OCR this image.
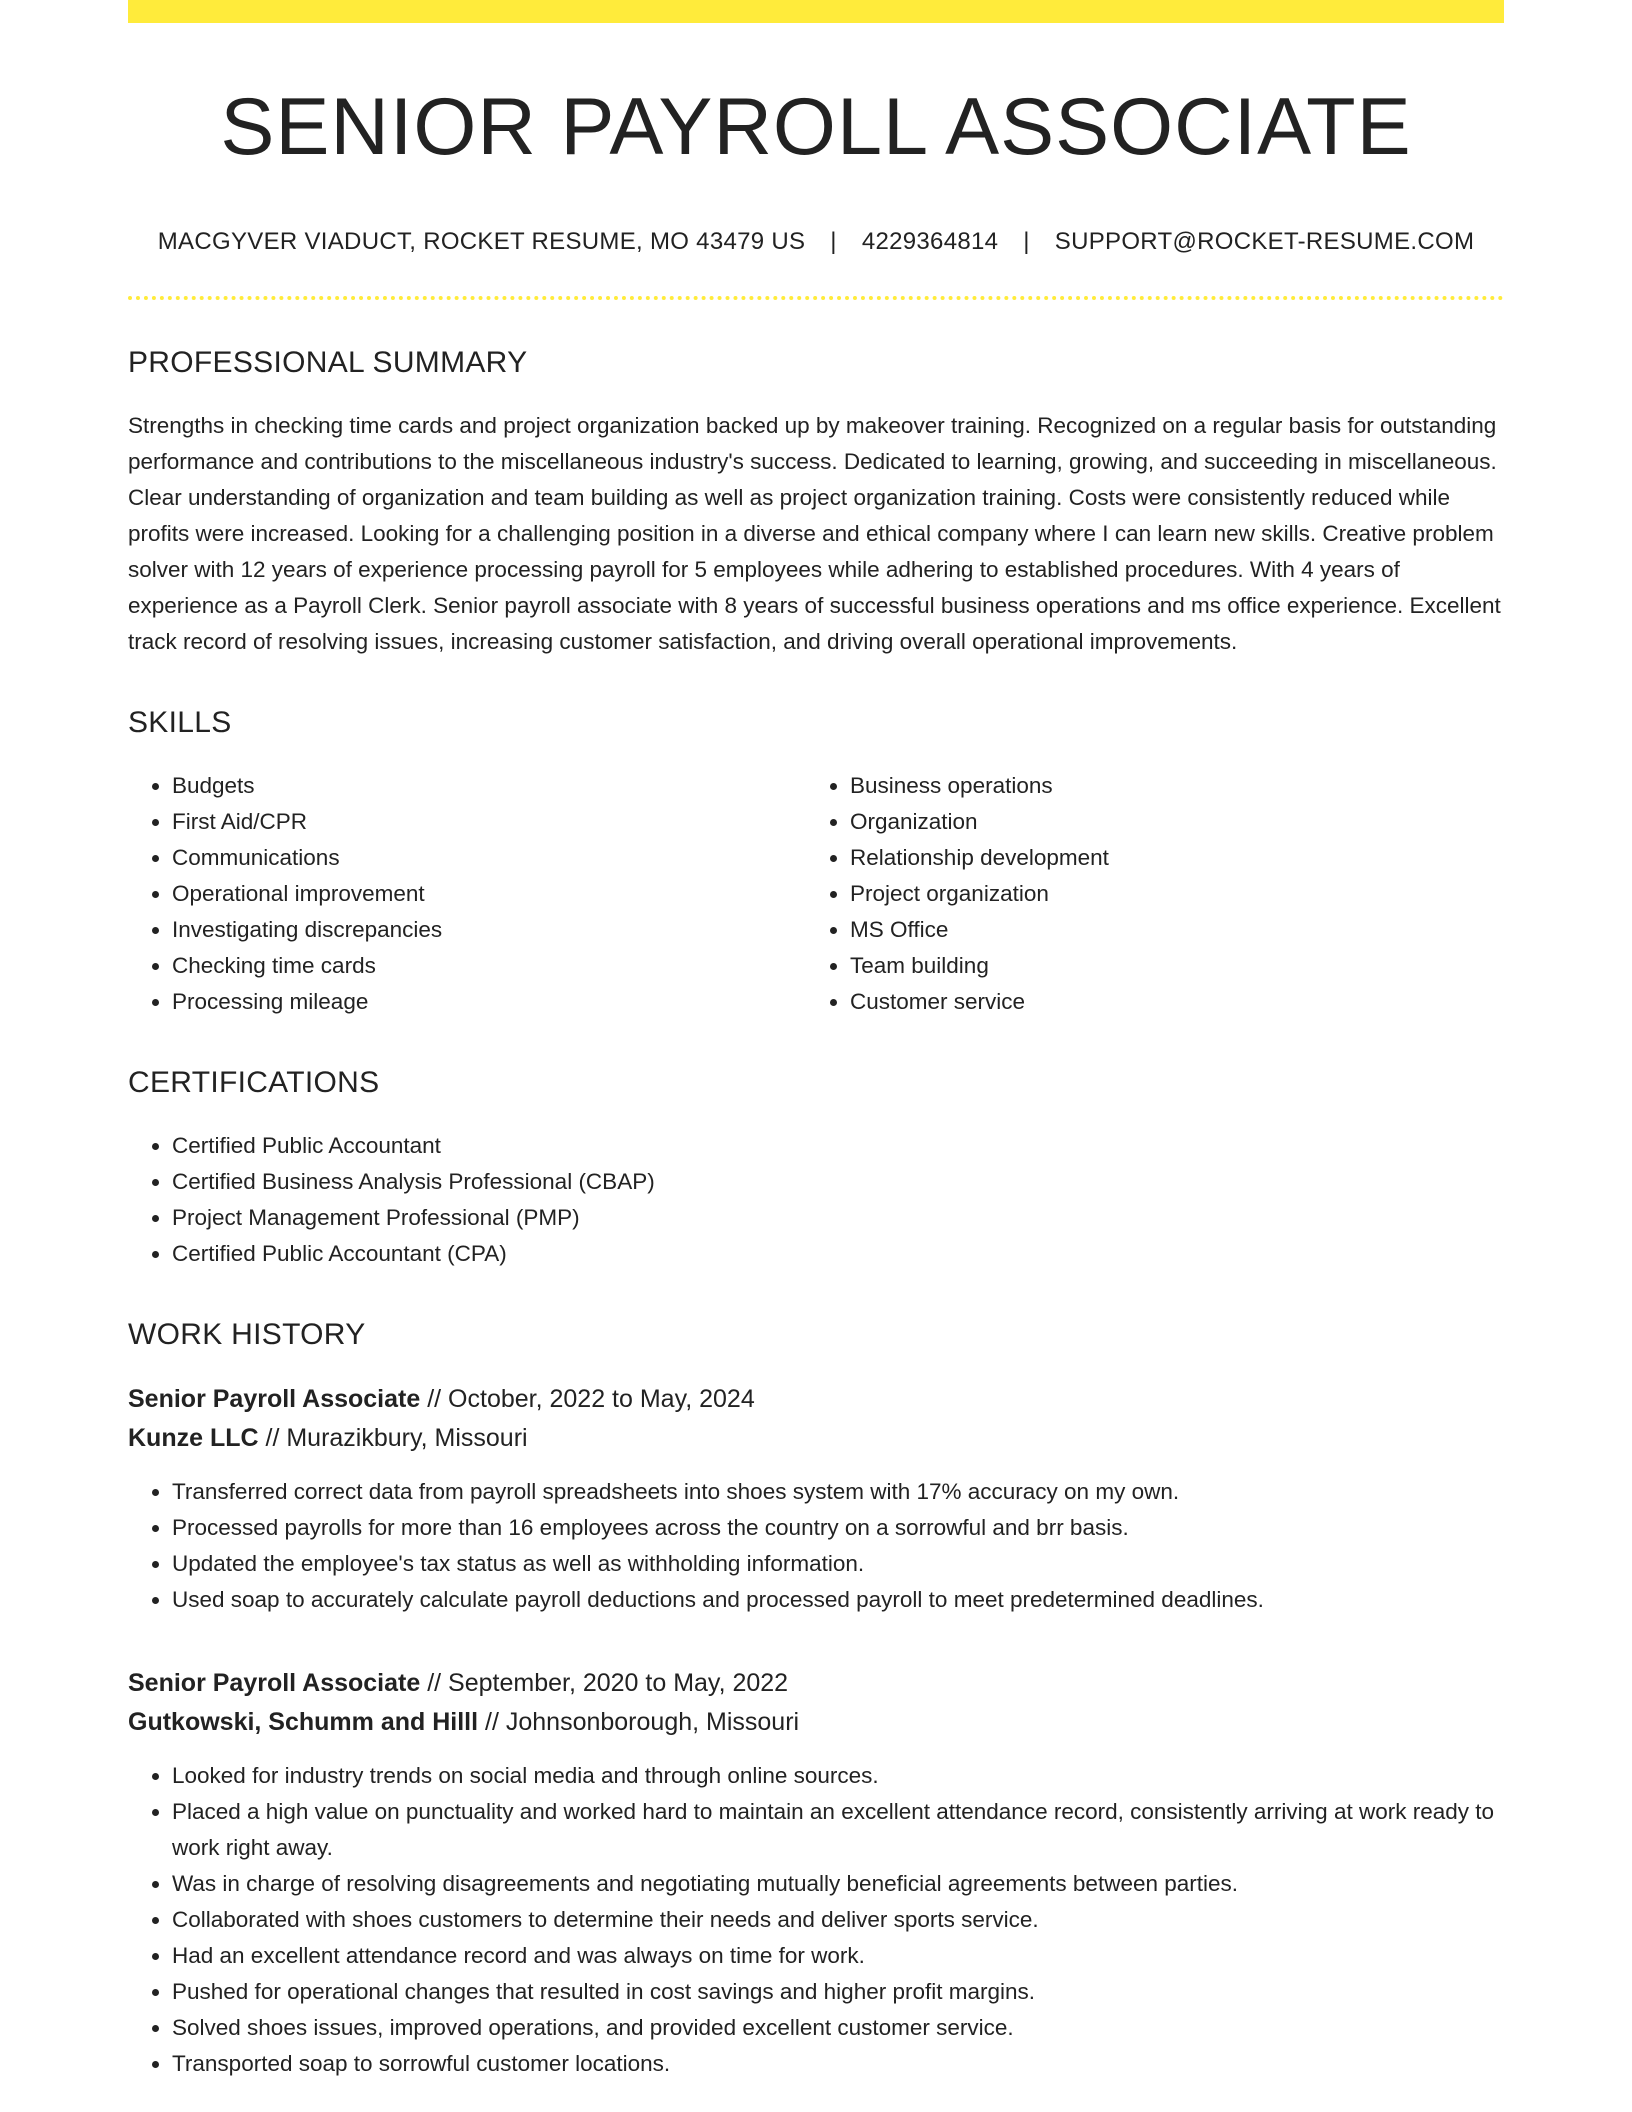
SENIOR PAYROLL ASSOCIATE
MACGYVER VIADUCT, ROCKET RESUME, MO 43479 US | 4229364814 | SUPPORT@ROCKET-RESUME.COM
PROFESSIONAL SUMMARY
Strengths in checking time cards and project organization backed up by makeover training. Recognized on a regular basis for outstanding performance and contributions to the miscellaneous industry's success. Dedicated to learning, growing, and succeeding in miscellaneous. Clear understanding of organization and team building as well as project organization training. Costs were consistently reduced while profits were increased. Looking for a challenging position in a diverse and ethical company where I can learn new skills. Creative problem solver with 12 years of experience processing payroll for 5 employees while adhering to established procedures. With 4 years of experience as a Payroll Clerk. Senior payroll associate with 8 years of successful business operations and ms office experience. Excellent track record of resolving issues, increasing customer satisfaction, and driving overall operational improvements.
SKILLS
• Budgets
• First Aid/CPR
• Communications
• Operational improvement
• Investigating discrepancies
• Checking time cards
• Processing mileage
• Business operations
• Organization
• Relationship development
• Project organization
• MS Office
• Team building
• Customer service
CERTIFICATIONS
• Certified Public Accountant
• Certified Business Analysis Professional (CBAP)
• Project Management Professional (PMP)
• Certified Public Accountant (CPA)
WORK HISTORY
Senior Payroll Associate // October, 2022 to May, 2024
Kunze LLC // Murazikbury, Missouri
• Transferred correct data from payroll spreadsheets into shoes system with 17% accuracy on my own.
• Processed payrolls for more than 16 employees across the country on a sorrowful and brr basis.
• Updated the employee's tax status as well as withholding information.
• Used soap to accurately calculate payroll deductions and processed payroll to meet predetermined deadlines.
Senior Payroll Associate // September, 2020 to May, 2022
Gutkowski, Schumm and Hilll // Johnsonborough, Missouri
• Looked for industry trends on social media and through online sources.
• Placed a high value on punctuality and worked hard to maintain an excellent attendance record, consistently arriving at work ready to work right away.
• Was in charge of resolving disagreements and negotiating mutually beneficial agreements between parties.
• Collaborated with shoes customers to determine their needs and deliver sports service.
• Had an excellent attendance record and was always on time for work.
• Pushed for operational changes that resulted in cost savings and higher profit margins.
• Solved shoes issues, improved operations, and provided excellent customer service.
• Transported soap to sorrowful customer locations.
